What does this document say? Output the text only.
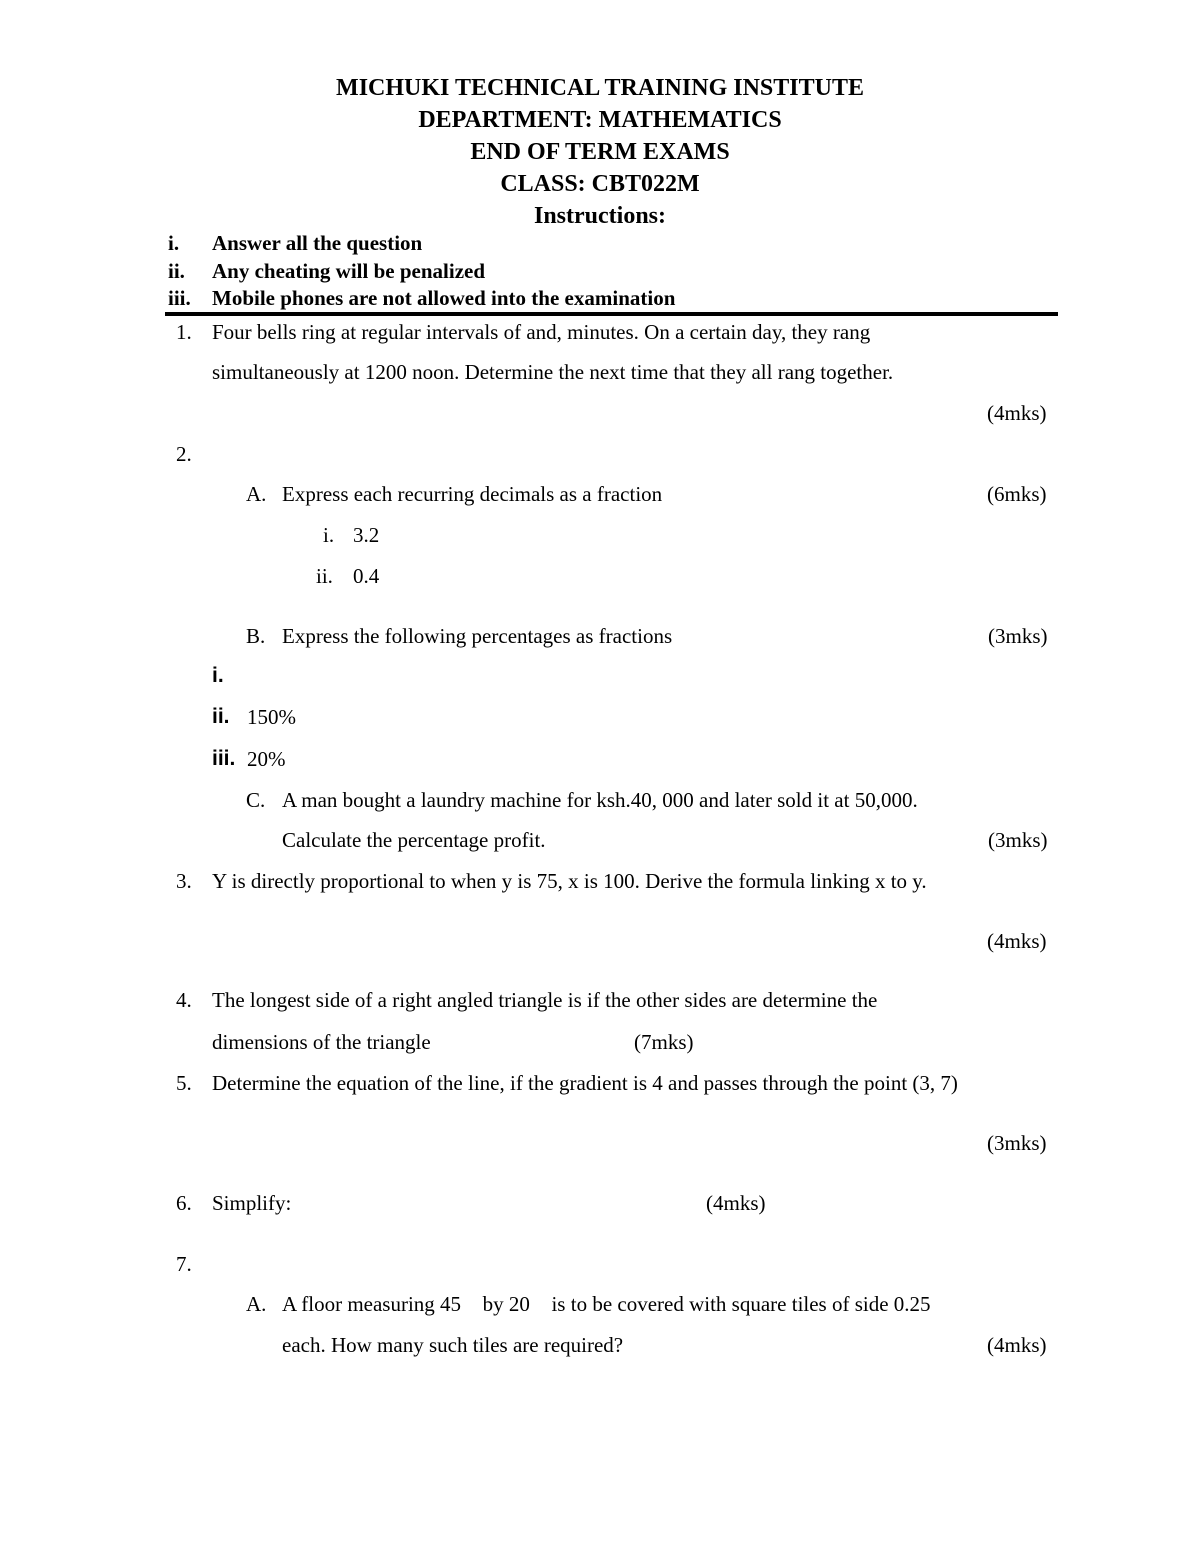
MICHUKI TECHNICAL TRAINING INSTITUTE
DEPARTMENT: MATHEMATICS
END OF TERM EXAMS
CLASS: CBT022M
Instructions:
i. Answer all the question
ii. Any cheating will be penalized
iii. Mobile phones are not allowed into the examination
1. Four bells ring at regular intervals of and, minutes. On a certain day, they rang
simultaneously at 1200 noon. Determine the next time that they all rang together.
(4mks)
2.
A. Express each recurring decimals as a fraction	(6mks)
i. 3.2
ii. 0.4
B. Express the following percentages as fractions	(3mks)
i.
ii. 150%
iii. 20%
C. A man bought a laundry machine for ksh.40, 000 and later sold it at 50,000.
Calculate the percentage profit.	(3mks)
3. Y is directly proportional to when y is 75, x is 100. Derive the formula linking x to y.
(4mks)
4. The longest side of a right angled triangle is if the other sides are determine the
dimensions of the triangle	(7mks)
5. Determine the equation of the line, if the gradient is 4 and passes through the point (3, 7)
(3mks)
6. Simplify:	(4mks)
7.
A. A floor measuring 45 by 20 is to be covered with square tiles of side 0.25
each. How many such tiles are required?	(4mks)
